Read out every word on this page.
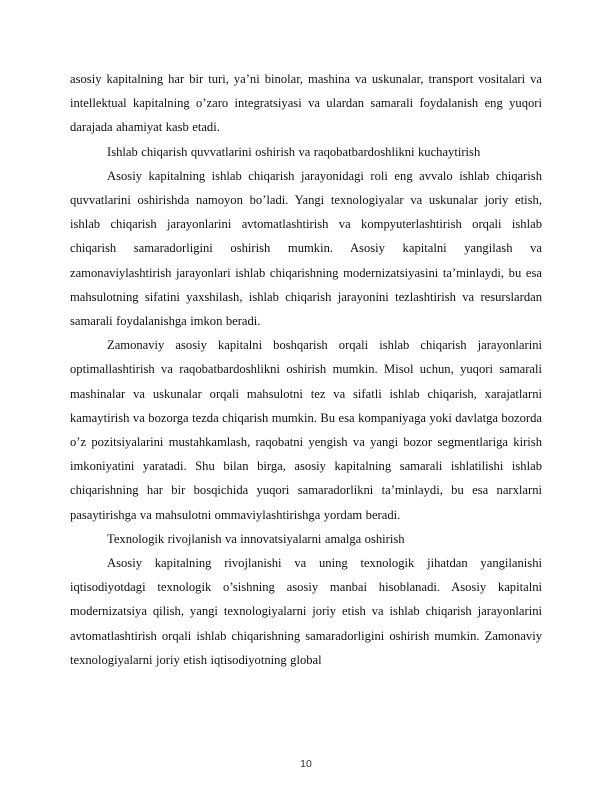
asosiy kapitalning har bir turi, ya’ni binolar, mashina va uskunalar, transport vositalari va intellektual kapitalning o’zaro integratsiyasi va ulardan samarali foydalanish eng yuqori darajada ahamiyat kasb etadi.

Ishlab chiqarish quvvatlarini oshirish va raqobatbardoshlikni kuchaytirish

Asosiy kapitalning ishlab chiqarish jarayonidagi roli eng avvalo ishlab chiqarish quvvatlarini oshirishda namoyon bo’ladi. Yangi texnologiyalar va uskunalar joriy etish, ishlab chiqarish jarayonlarini avtomatlashtirish va kompyuterlashtirish orqali ishlab chiqarish samaradorligini oshirish mumkin. Asosiy kapitalni yangilash va zamonaviylashtirish jarayonlari ishlab chiqarishning modernizatsiyasini ta’minlaydi, bu esa mahsulotning sifatini yaxshilash, ishlab chiqarish jarayonini tezlashtirish va resurslardan samarali foydalanishga imkon beradi.

Zamonaviy asosiy kapitalni boshqarish orqali ishlab chiqarish jarayonlarini optimallashtirish va raqobatbardoshlikni oshirish mumkin. Misol uchun, yuqori samarali mashinalar va uskunalar orqali mahsulotni tez va sifatli ishlab chiqarish, xarajatlarni kamaytirish va bozorga tezda chiqarish mumkin. Bu esa kompaniyaga yoki davlatga bozorda o’z pozitsiyalarini mustahkamlash, raqobatni yengish va yangi bozor segmentlariga kirish imkoniyatini yaratadi. Shu bilan birga, asosiy kapitalning samarali ishlatilishi ishlab chiqarishning har bir bosqichida yuqori samaradorlikni ta’minlaydi, bu esa narxlarni pasaytirishga va mahsulotni ommaviylashtirishga yordam beradi.

Texnologik rivojlanish va innovatsiyalarni amalga oshirish

Asosiy kapitalning rivojlanishi va uning texnologik jihatdan yangilanishi iqtisodiyotdagi texnologik o’sishning asosiy manbai hisoblanadi. Asosiy kapitalni modernizatsiya qilish, yangi texnologiyalarni joriy etish va ishlab chiqarish jarayonlarini avtomatlashtirish orqali ishlab chiqarishning samaradorligini oshirish mumkin. Zamonaviy texnologiyalarni joriy etish iqtisodiyotning global

10
